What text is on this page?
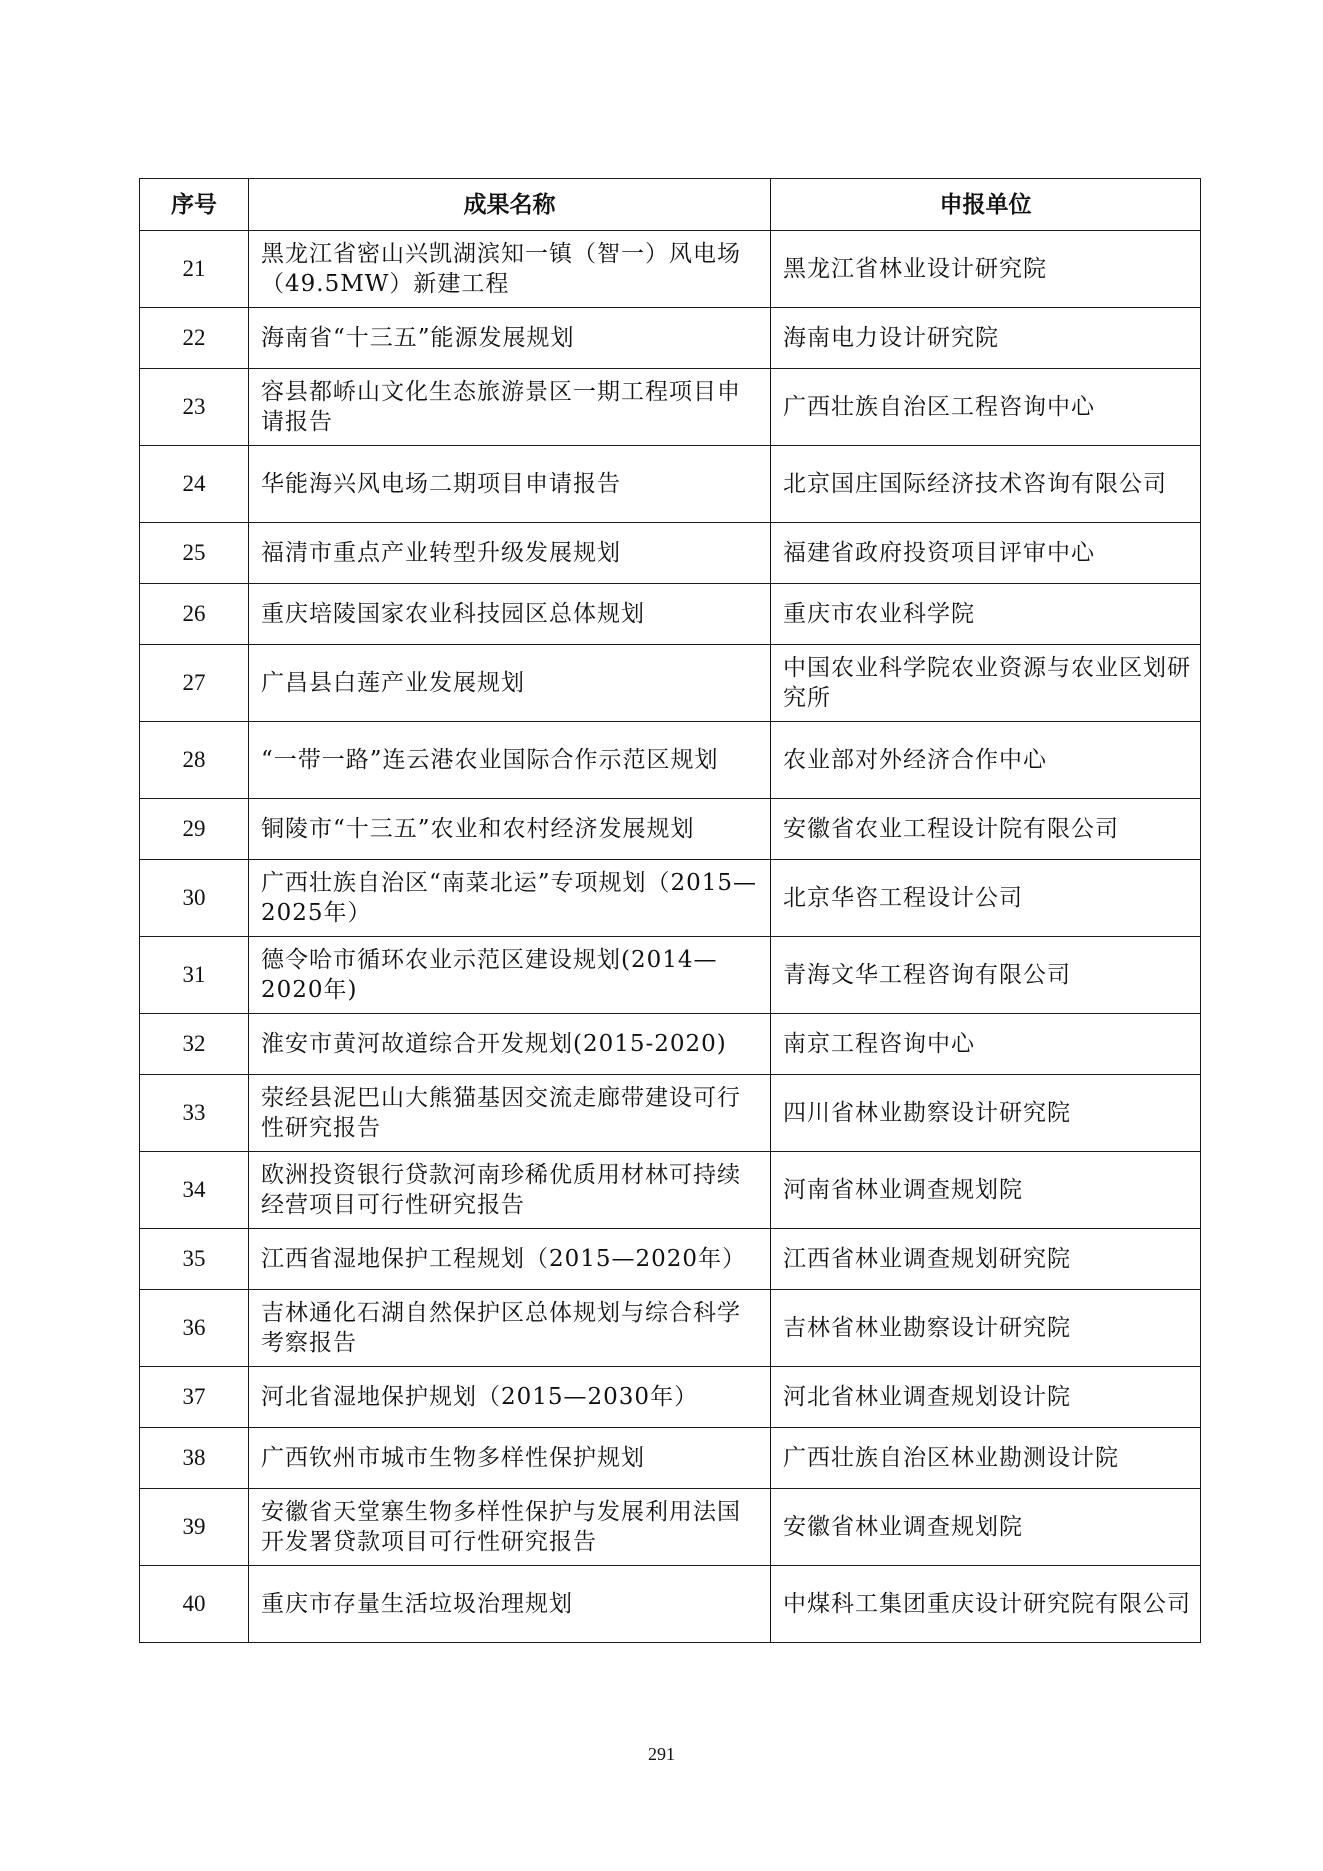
序号	成果名称	申报单位
21	黑龙江省密山兴凯湖滨知一镇（智一）风电场（49.5MW）新建工程	黑龙江省林业设计研究院
22	海南省“十三五”能源发展规划	海南电力设计研究院
23	容县都峤山文化生态旅游景区一期工程项目申请报告	广西壮族自治区工程咨询中心
24	华能海兴风电场二期项目申请报告	北京国庄国际经济技术咨询有限公司
25	福清市重点产业转型升级发展规划	福建省政府投资项目评审中心
26	重庆培陵国家农业科技园区总体规划	重庆市农业科学院
27	广昌县白莲产业发展规划	中国农业科学院农业资源与农业区划研究所
28	“一带一路”连云港农业国际合作示范区规划	农业部对外经济合作中心
29	铜陵市“十三五”农业和农村经济发展规划	安徽省农业工程设计院有限公司
30	广西壮族自治区“南菜北运”专项规划（2015—2025年）	北京华咨工程设计公司
31	德令哈市循环农业示范区建设规划(2014—2020年)	青海文华工程咨询有限公司
32	淮安市黄河故道综合开发规划(2015-2020)	南京工程咨询中心
33	荥经县泥巴山大熊猫基因交流走廊带建设可行性研究报告	四川省林业勘察设计研究院
34	欧洲投资银行贷款河南珍稀优质用材林可持续经营项目可行性研究报告	河南省林业调查规划院
35	江西省湿地保护工程规划（2015—2020年）	江西省林业调查规划研究院
36	吉林通化石湖自然保护区总体规划与综合科学考察报告	吉林省林业勘察设计研究院
37	河北省湿地保护规划（2015—2030年）	河北省林业调查规划设计院
38	广西钦州市城市生物多样性保护规划	广西壮族自治区林业勘测设计院
39	安徽省天堂寨生物多样性保护与发展利用法国开发署贷款项目可行性研究报告	安徽省林业调查规划院
40	重庆市存量生活垃圾治理规划	中煤科工集团重庆设计研究院有限公司
291
